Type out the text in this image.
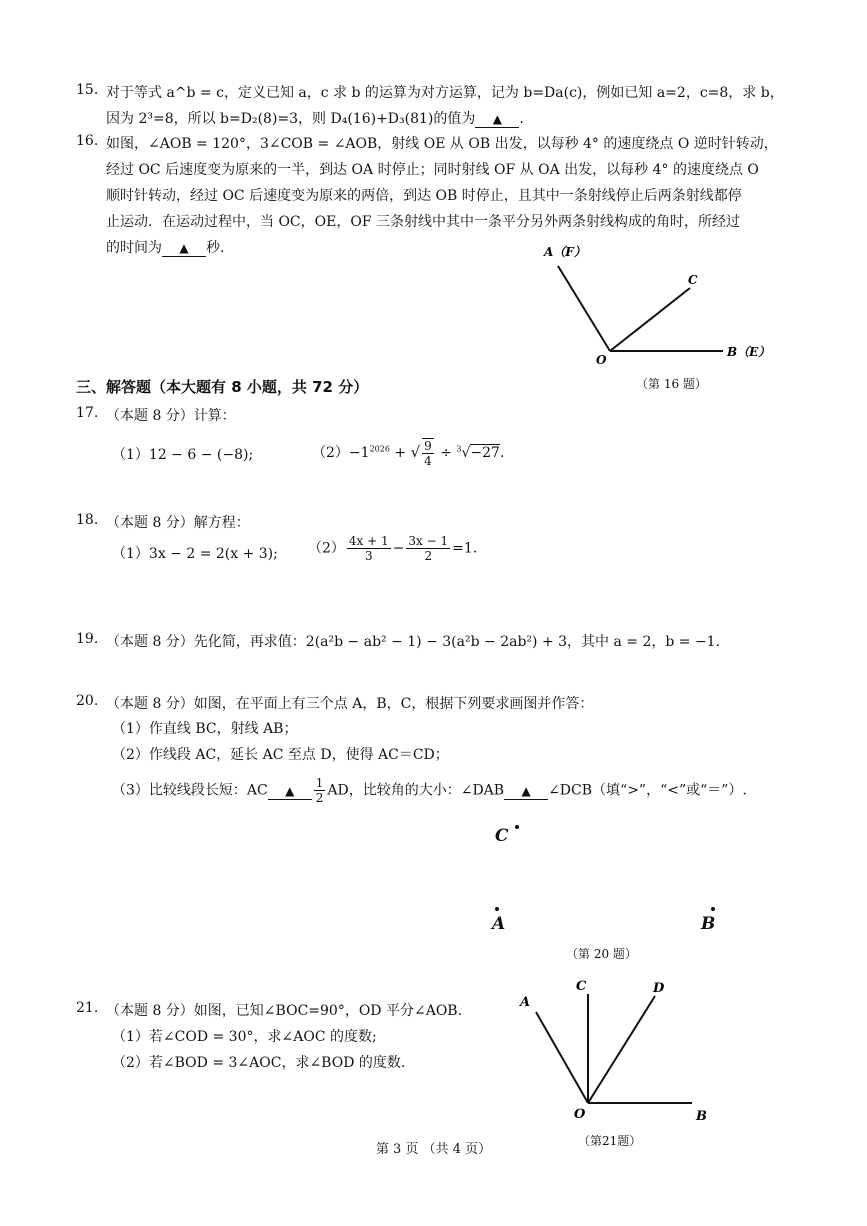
15. 对于等式 a^b = c，定义已知 a，c 求 b 的运算为对方运算，记为 b=Da(c)，例如已知 a=2，c=8，求 b，
因为 2³=8，所以 b=D₂(8)=3，则 D₄(16)+D₃(81)的值为 ▲ .
16. 如图，∠AOB = 120°，3∠COB = ∠AOB，射线 OE 从 OB 出发，以每秒 4° 的速度绕点 O 逆时针转动，
经过 OC 后速度变为原来的一半，到达 OA 时停止；同时射线 OF 从 OA 出发，以每秒 4° 的速度绕点 O
顺时针转动，经过 OC 后速度变为原来的两倍，到达 OB 时停止，且其中一条射线停止后两条射线都停
止运动．在运动过程中，当 OC，OE，OF 三条射线中其中一条平分另外两条射线构成的角时，所经过
的时间为 ▲ 秒.	A（F）
C
O
B（E）
（第 16 题）
三、解答题（本大题有 8 小题，共 72 分）
17. （本题 8 分）计算：
（1）12 − 6 − (−8);	$(2)-1^{2026}$ + √ $\frac{9}{4} \div ^3√-27$.
18. （本题 8 分）解方程：
（1）3x − 2 = 2(x + 3); $(2) \frac{4x + 1}{3} - \frac{3x - 1}{2} =1$.
19. （本题 8 分）先化简，再求值：2(a²b − ab² − 1) − 3(a²b − 2ab²) + 3，其中 a = 2，b = −1.
20. （本题 8 分）如图，在平面上有三个点 A，B，C，根据下列要求画图并作答：
（1）作直线 BC，射线 AB；
（2）作线段 AC，延长 AC 至点 D，使得 AC＝CD；
（3）比较线段长短：AC ▲ $\frac{1}{2}$ AD，比较角的大小：∠DAB ▲ ∠DCB（填“>”，“<”或“＝”）.
C
A	B
（第 20 题）
21. （本题 8 分）如图，已知∠BOC=90°，OD 平分∠AOB.
（1）若∠COD = 30°，求∠AOC 的度数;
（2）若∠BOD = 3∠AOC，求∠BOD 的度数.
A
C	D
O	B
（第21题）
第 3 页 （共 4 页）
